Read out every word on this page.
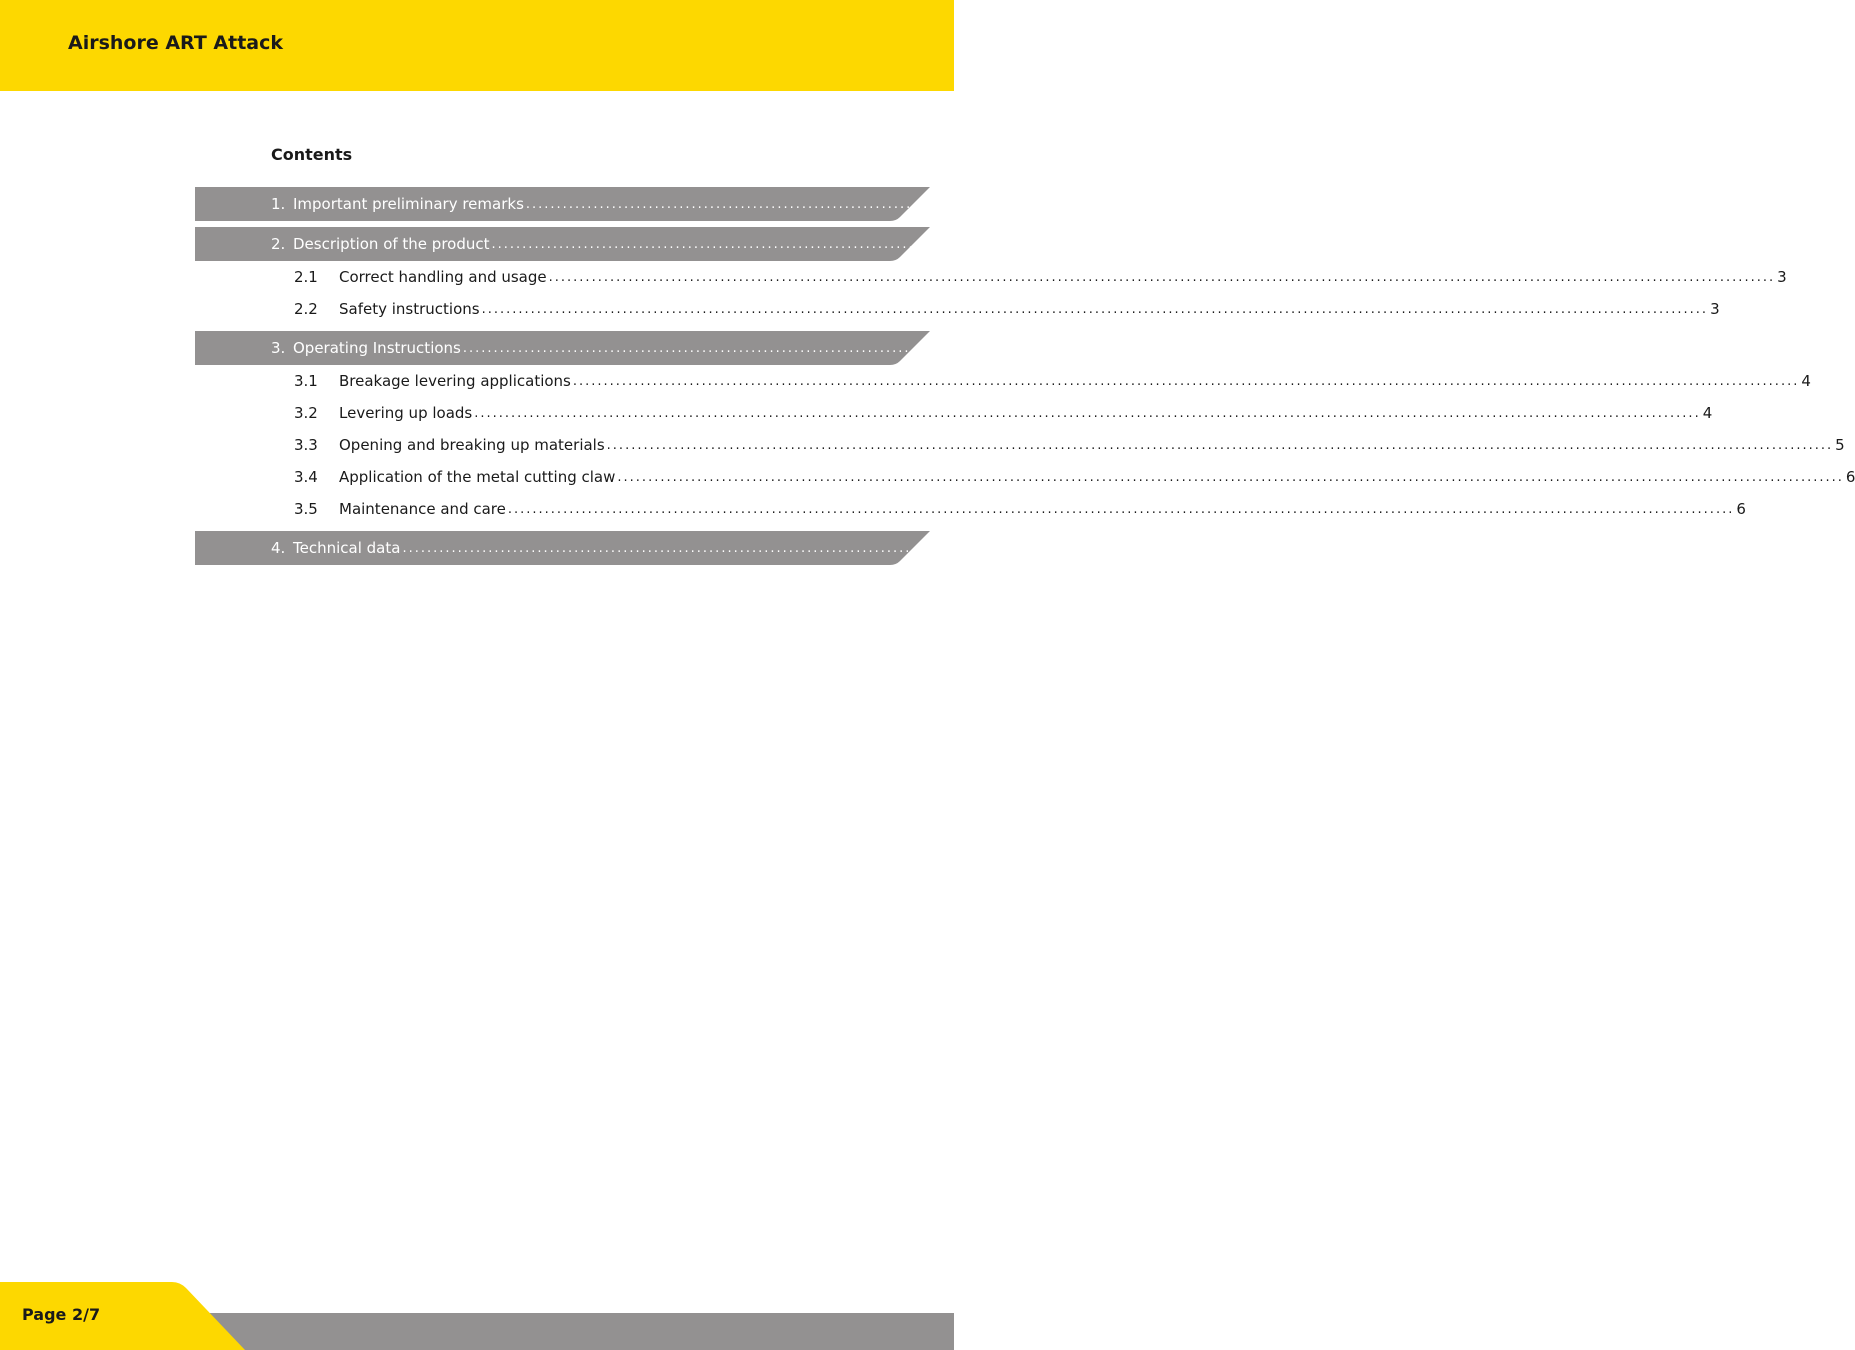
Airshore ART Attack
Contents
1. Important preliminary remarks ........................................................................................................................................................................................................ 3
2. Description of the product ........................................................................................................................................................................................................ 3
2.1	Correct handling and usage ........................................................................................................................................................................................................ 3
2.2	Safety instructions ........................................................................................................................................................................................................ 3
3. Operating Instructions ........................................................................................................................................................................................................ 4
3.1	Breakage levering applications ........................................................................................................................................................................................................ 4
3.2	Levering up loads ........................................................................................................................................................................................................ 4
3.3	Opening and breaking up materials ........................................................................................................................................................................................................ 5
3.4	Application of the metal cutting claw ........................................................................................................................................................................................................ 6
3.5	Maintenance and care ........................................................................................................................................................................................................ 6
4. Technical data ........................................................................................................................................................................................................ 6
Page 2/7
